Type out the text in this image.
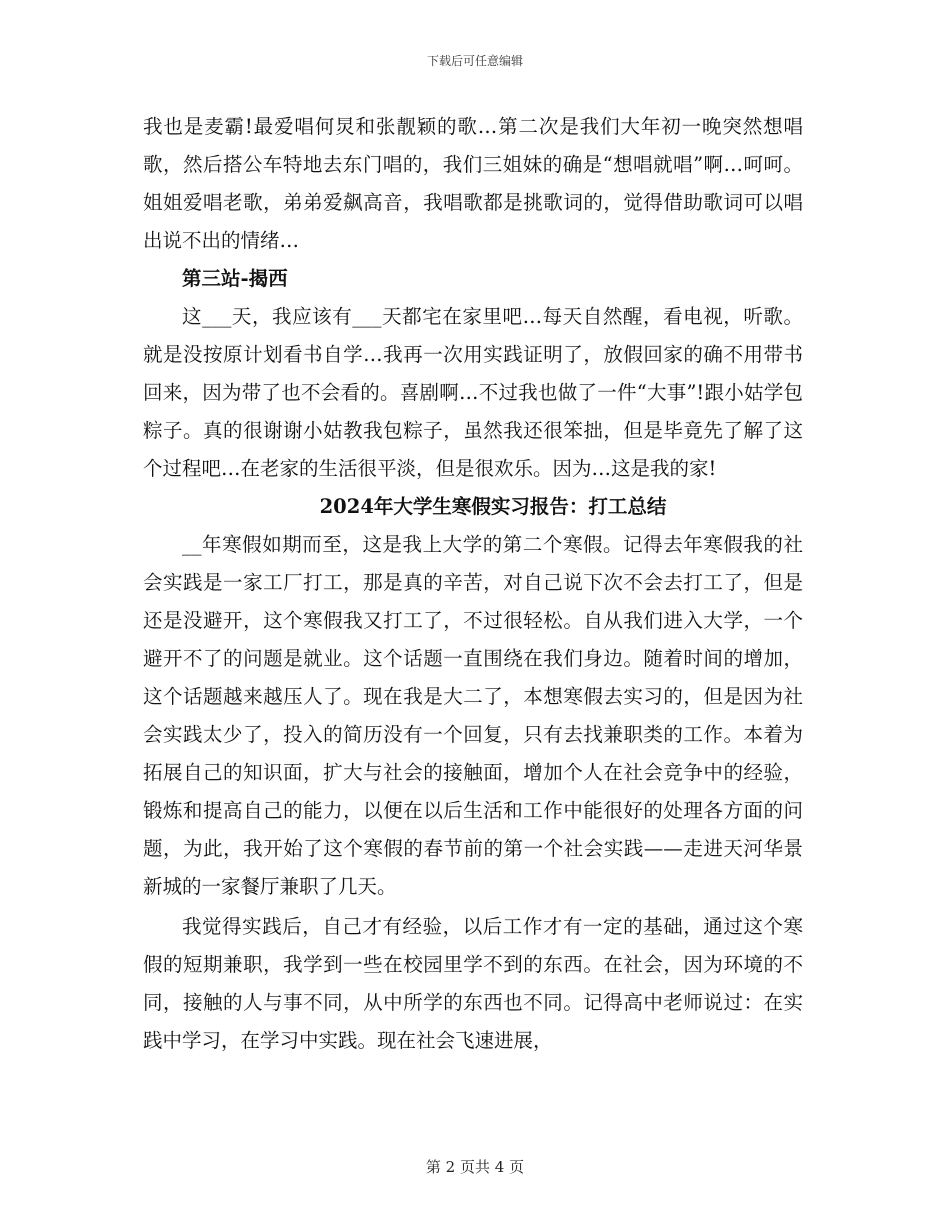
下载后可任意编辑

我也是麦霸!最爱唱何炅和张靓颖的歌…第二次是我们大年初一晚突然想唱歌，然后搭公车特地去东门唱的，我们三姐妹的确是“想唱就唱”啊…呵呵。姐姐爱唱老歌，弟弟爱飙高音，我唱歌都是挑歌词的，觉得借助歌词可以唱出说不出的情绪…

第三站-揭西

这___天，我应该有___天都宅在家里吧…每天自然醒，看电视，听歌。就是没按原计划看书自学…我再一次用实践证明了，放假回家的确不用带书回来，因为带了也不会看的。喜剧啊…不过我也做了一件“大事”!跟小姑学包粽子。真的很谢谢小姑教我包粽子，虽然我还很笨拙，但是毕竟先了解了这个过程吧…在老家的生活很平淡，但是很欢乐。因为…这是我的家!

2024年大学生寒假实习报告：打工总结

__年寒假如期而至，这是我上大学的第二个寒假。记得去年寒假我的社会实践是一家工厂打工，那是真的辛苦，对自己说下次不会去打工了，但是还是没避开，这个寒假我又打工了，不过很轻松。自从我们进入大学，一个避开不了的问题是就业。这个话题一直围绕在我们身边。随着时间的增加，这个话题越来越压人了。现在我是大二了，本想寒假去实习的，但是因为社会实践太少了，投入的简历没有一个回复，只有去找兼职类的工作。本着为拓展自己的知识面，扩大与社会的接触面，增加个人在社会竞争中的经验，锻炼和提高自己的能力，以便在以后生活和工作中能很好的处理各方面的问题，为此，我开始了这个寒假的春节前的第一个社会实践——走进天河华景新城的一家餐厅兼职了几天。

我觉得实践后，自己才有经验，以后工作才有一定的基础，通过这个寒假的短期兼职，我学到一些在校园里学不到的东西。在社会，因为环境的不同，接触的人与事不同，从中所学的东西也不同。记得高中老师说过：在实践中学习，在学习中实践。现在社会飞速进展，

第 2 页共 4 页
